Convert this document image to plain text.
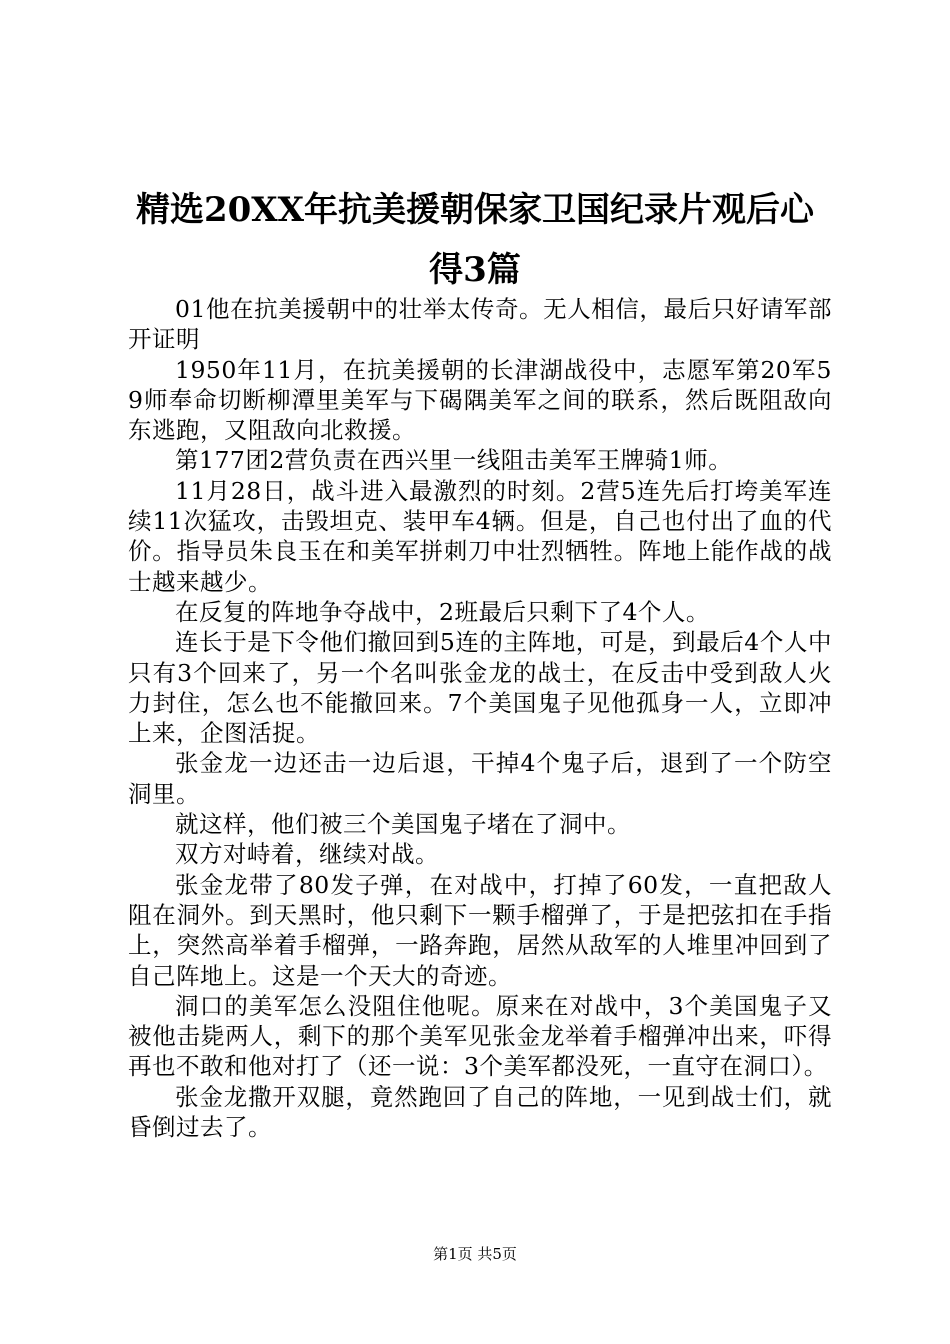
精选20XX年抗美援朝保家卫国纪录片观后心得3篇

01他在抗美援朝中的壮举太传奇。无人相信，最后只好请军部开证明

1950年11月，在抗美援朝的长津湖战役中，志愿军第20军59师奉命切断柳潭里美军与下碣隅美军之间的联系，然后既阻敌向东逃跑，又阻敌向北救援。

第177团2营负责在西兴里一线阻击美军王牌骑1师。

11月28日，战斗进入最激烈的时刻。2营5连先后打垮美军连续11次猛攻，击毁坦克、装甲车4辆。但是，自己也付出了血的代价。指导员朱良玉在和美军拼刺刀中壮烈牺牲。阵地上能作战的战士越来越少。

在反复的阵地争夺战中，2班最后只剩下了4个人。

连长于是下令他们撤回到5连的主阵地，可是，到最后4个人中只有3个回来了，另一个名叫张金龙的战士，在反击中受到敌人火力封住，怎么也不能撤回来。7个美国鬼子见他孤身一人，立即冲上来，企图活捉。

张金龙一边还击一边后退，干掉4个鬼子后，退到了一个防空洞里。

就这样，他们被三个美国鬼子堵在了洞中。

双方对峙着，继续对战。

张金龙带了80发子弹，在对战中，打掉了60发，一直把敌人阻在洞外。到天黑时，他只剩下一颗手榴弹了，于是把弦扣在手指上，突然高举着手榴弹，一路奔跑，居然从敌军的人堆里冲回到了自己阵地上。这是一个天大的奇迹。

洞口的美军怎么没阻住他呢。原来在对战中，3个美国鬼子又被他击毙两人，剩下的那个美军见张金龙举着手榴弹冲出来，吓得再也不敢和他对打了（还一说：3个美军都没死，一直守在洞口）。

张金龙撒开双腿，竟然跑回了自己的阵地，一见到战士们，就昏倒过去了。

第1页 共5页
